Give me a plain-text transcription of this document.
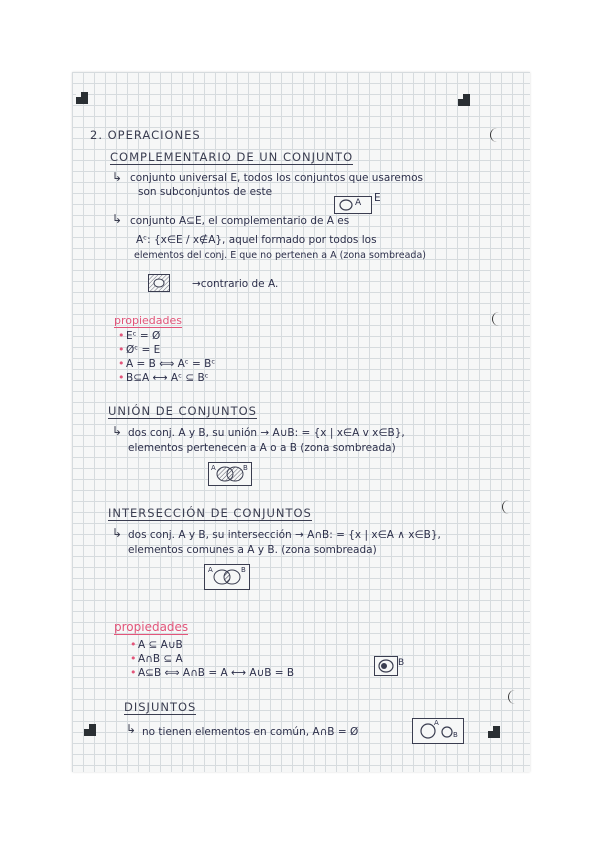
2. OPERACIONES
COMPLEMENTARIO DE UN CONJUNTO
↳ conjunto universal E, todos los conjuntos que usaremos
son subconjuntos de este
A E
↳ conjunto A⊆E, el complementario de A es
Aᶜ: {x∈E / x∉A}, aquel formado por todos los
elementos del conj. E que no pertenen a A (zona sombreada)
→contrario de A.
propiedades
Eᶜ = Ø
Øᶜ = E
A = B ⟺ Aᶜ = Bᶜ
B⊆A ⟷ Aᶜ ⊆ Bᶜ
•
•
•
•
UNIÓN DE CONJUNTOS
↳ dos conj. A y B, su unión → A∪B: = {x | x∈A v x∈B},
elementos pertenecen a A o a B (zona sombreada)
A	B
INTERSECCIÓN DE CONJUNTOS
↳ dos conj. A y B, su intersección → A∩B: = {x | x∈A ∧ x∈B},
elementos comunes a A y B. (zona sombreada)
A	B
propiedades
•
•
•
A ⊆ A∪B
A∩B ⊆ A
A⊆B ⟺ A∩B = A ⟷ A∪B = B
B
DISJUNTOS
↳ no tienen elementos en común, A∩B = Ø
A
B
